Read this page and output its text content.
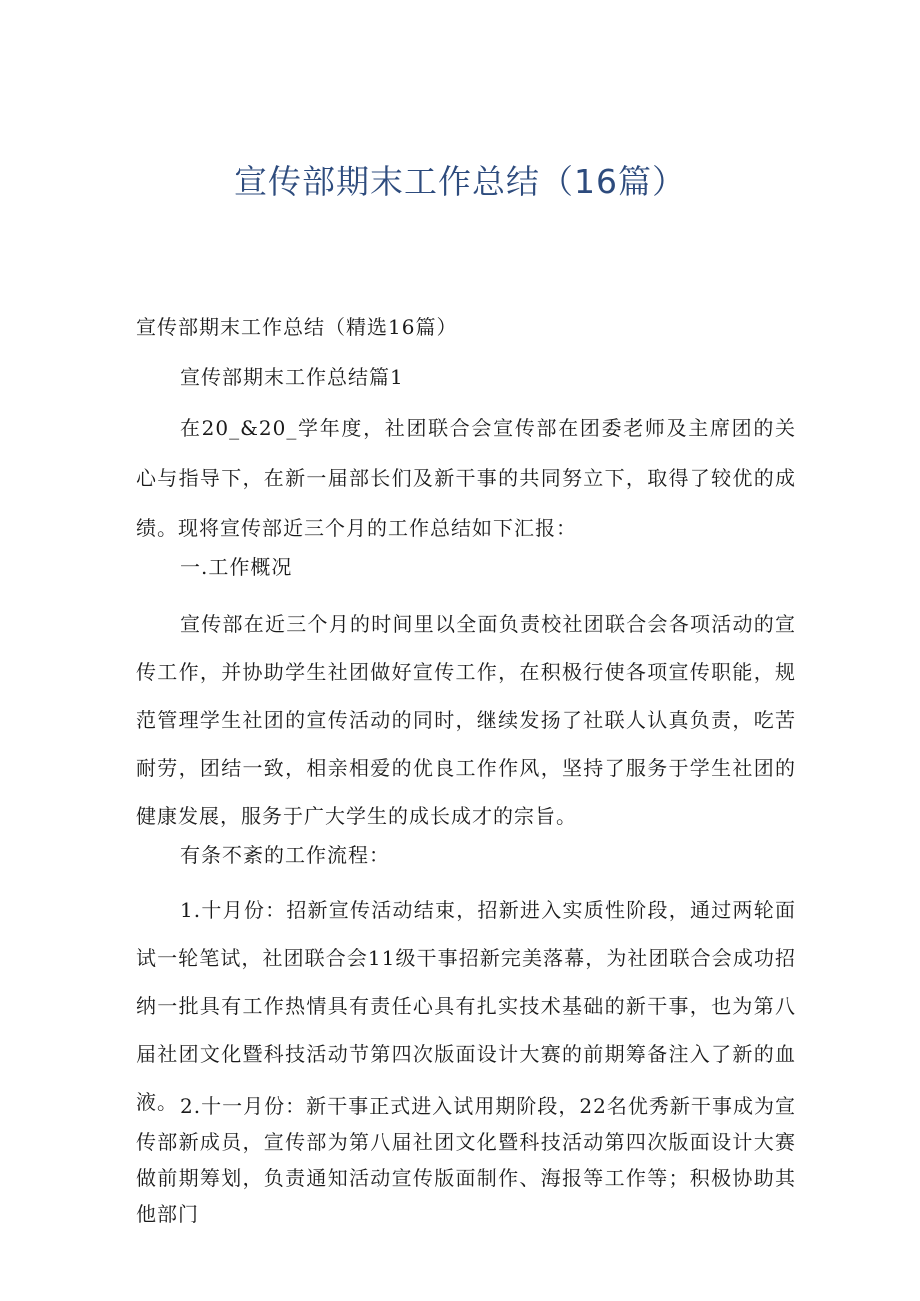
宣传部期末工作总结（16篇）

宣传部期末工作总结（精选16篇）

宣传部期末工作总结篇1

在20_&20_学年度，社团联合会宣传部在团委老师及主席团的关心与指导下，在新一届部长们及新干事的共同努立下，取得了较优的成绩。现将宣传部近三个月的工作总结如下汇报：

一.工作概况

宣传部在近三个月的时间里以全面负责校社团联合会各项活动的宣传工作，并协助学生社团做好宣传工作，在积极行使各项宣传职能，规范管理学生社团的宣传活动的同时，继续发扬了社联人认真负责，吃苦耐劳，团结一致，相亲相爱的优良工作作风，坚持了服务于学生社团的健康发展，服务于广大学生的成长成才的宗旨。

有条不紊的工作流程：

1.十月份：招新宣传活动结束，招新进入实质性阶段，通过两轮面试一轮笔试，社团联合会11级干事招新完美落幕，为社团联合会成功招纳一批具有工作热情具有责任心具有扎实技术基础的新干事，也为第八届社团文化暨科技活动节第四次版面设计大赛的前期筹备注入了新的血液。 2.十一月份：新干事正式进入试用期阶段，22名优秀新干事成为宣传部新成员，宣传部为第八届社团文化暨科技活动第四次版面设计大赛做前期筹划，负责通知活动宣传版面制作、海报等工作等；积极协助其他部门
